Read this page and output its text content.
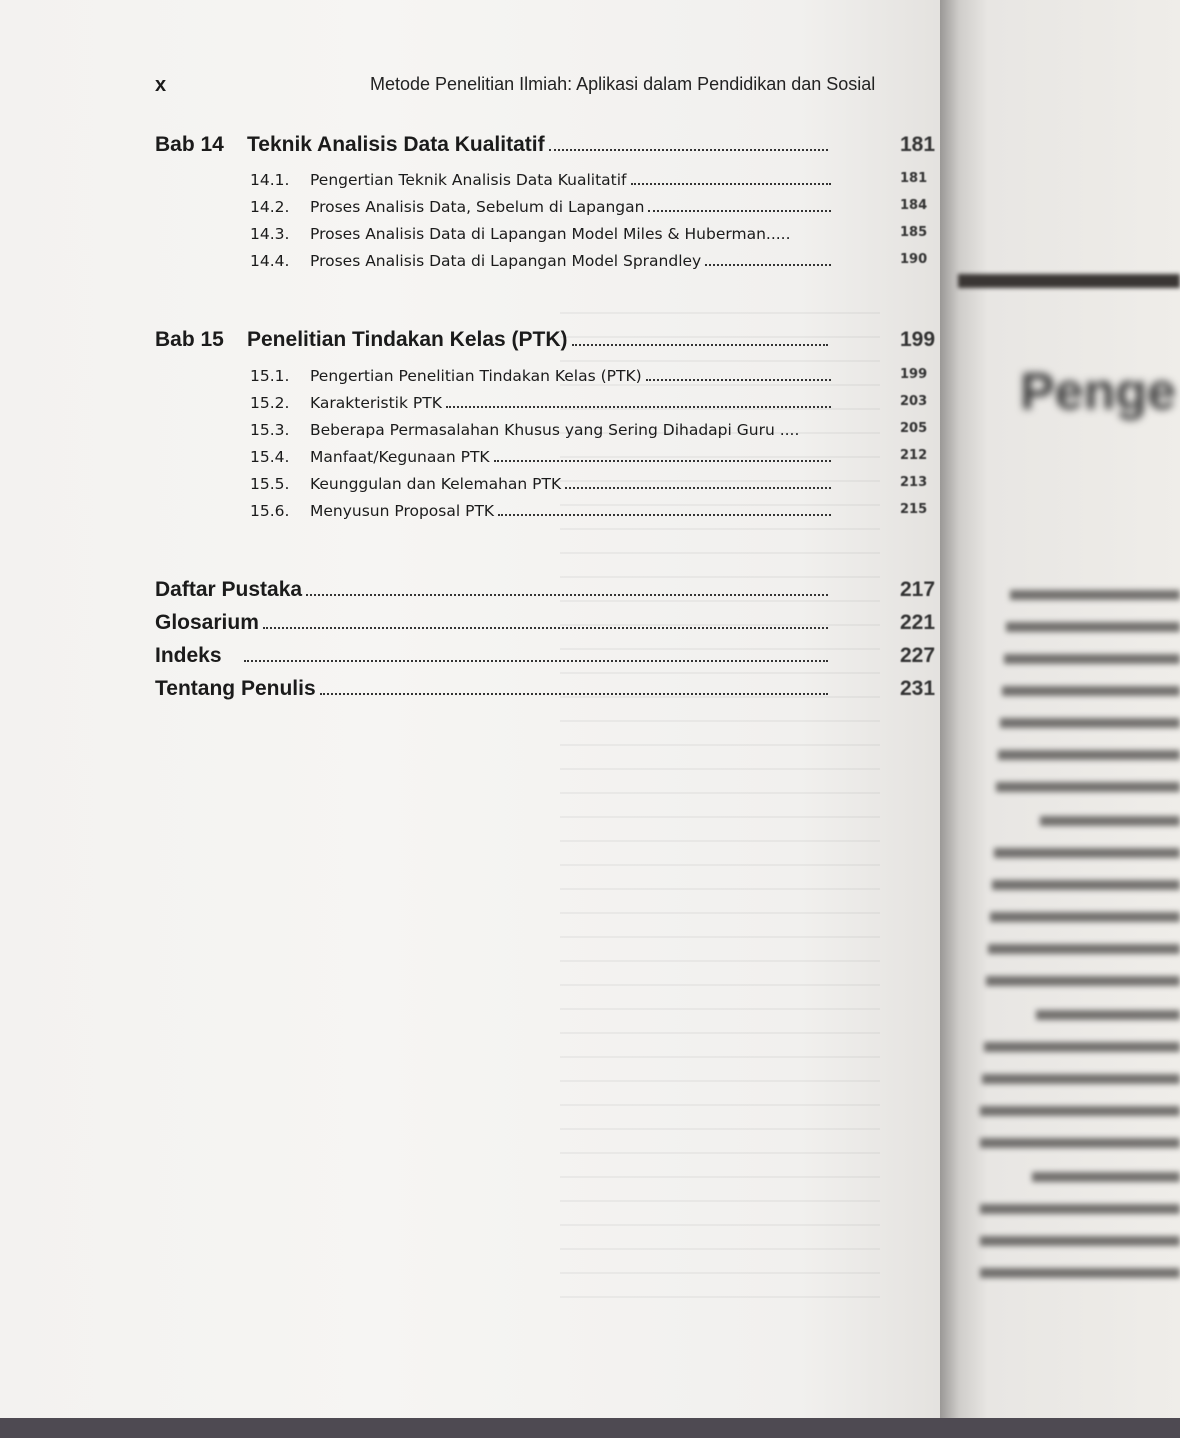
x	Metode Penelitian Ilmiah: Aplikasi dalam Pendidikan dan Sosial
Bab 14	Teknik Analisis Data Kualitatif	181
14.1.	Pengertian Teknik Analisis Data Kualitatif	181
14.2.	Proses Analisis Data, Sebelum di Lapangan	184
14.3.	Proses Analisis Data di Lapangan Model Miles & Huberman.....	185
14.4.	Proses Analisis Data di Lapangan Model Sprandley	190
Bab 15	Penelitian Tindakan Kelas (PTK)	199
15.1.	Pengertian Penelitian Tindakan Kelas (PTK)	199
15.2.	Karakteristik PTK	203
15.3.	Beberapa Permasalahan Khusus yang Sering Dihadapi Guru ....	205
15.4.	Manfaat/Kegunaan PTK	212
15.5.	Keunggulan dan Kelemahan PTK	213
15.6.	Menyusun Proposal PTK	215
Daftar Pustaka	217
Glosarium	221
Indeks	227
Tentang Penulis	231
Penge
